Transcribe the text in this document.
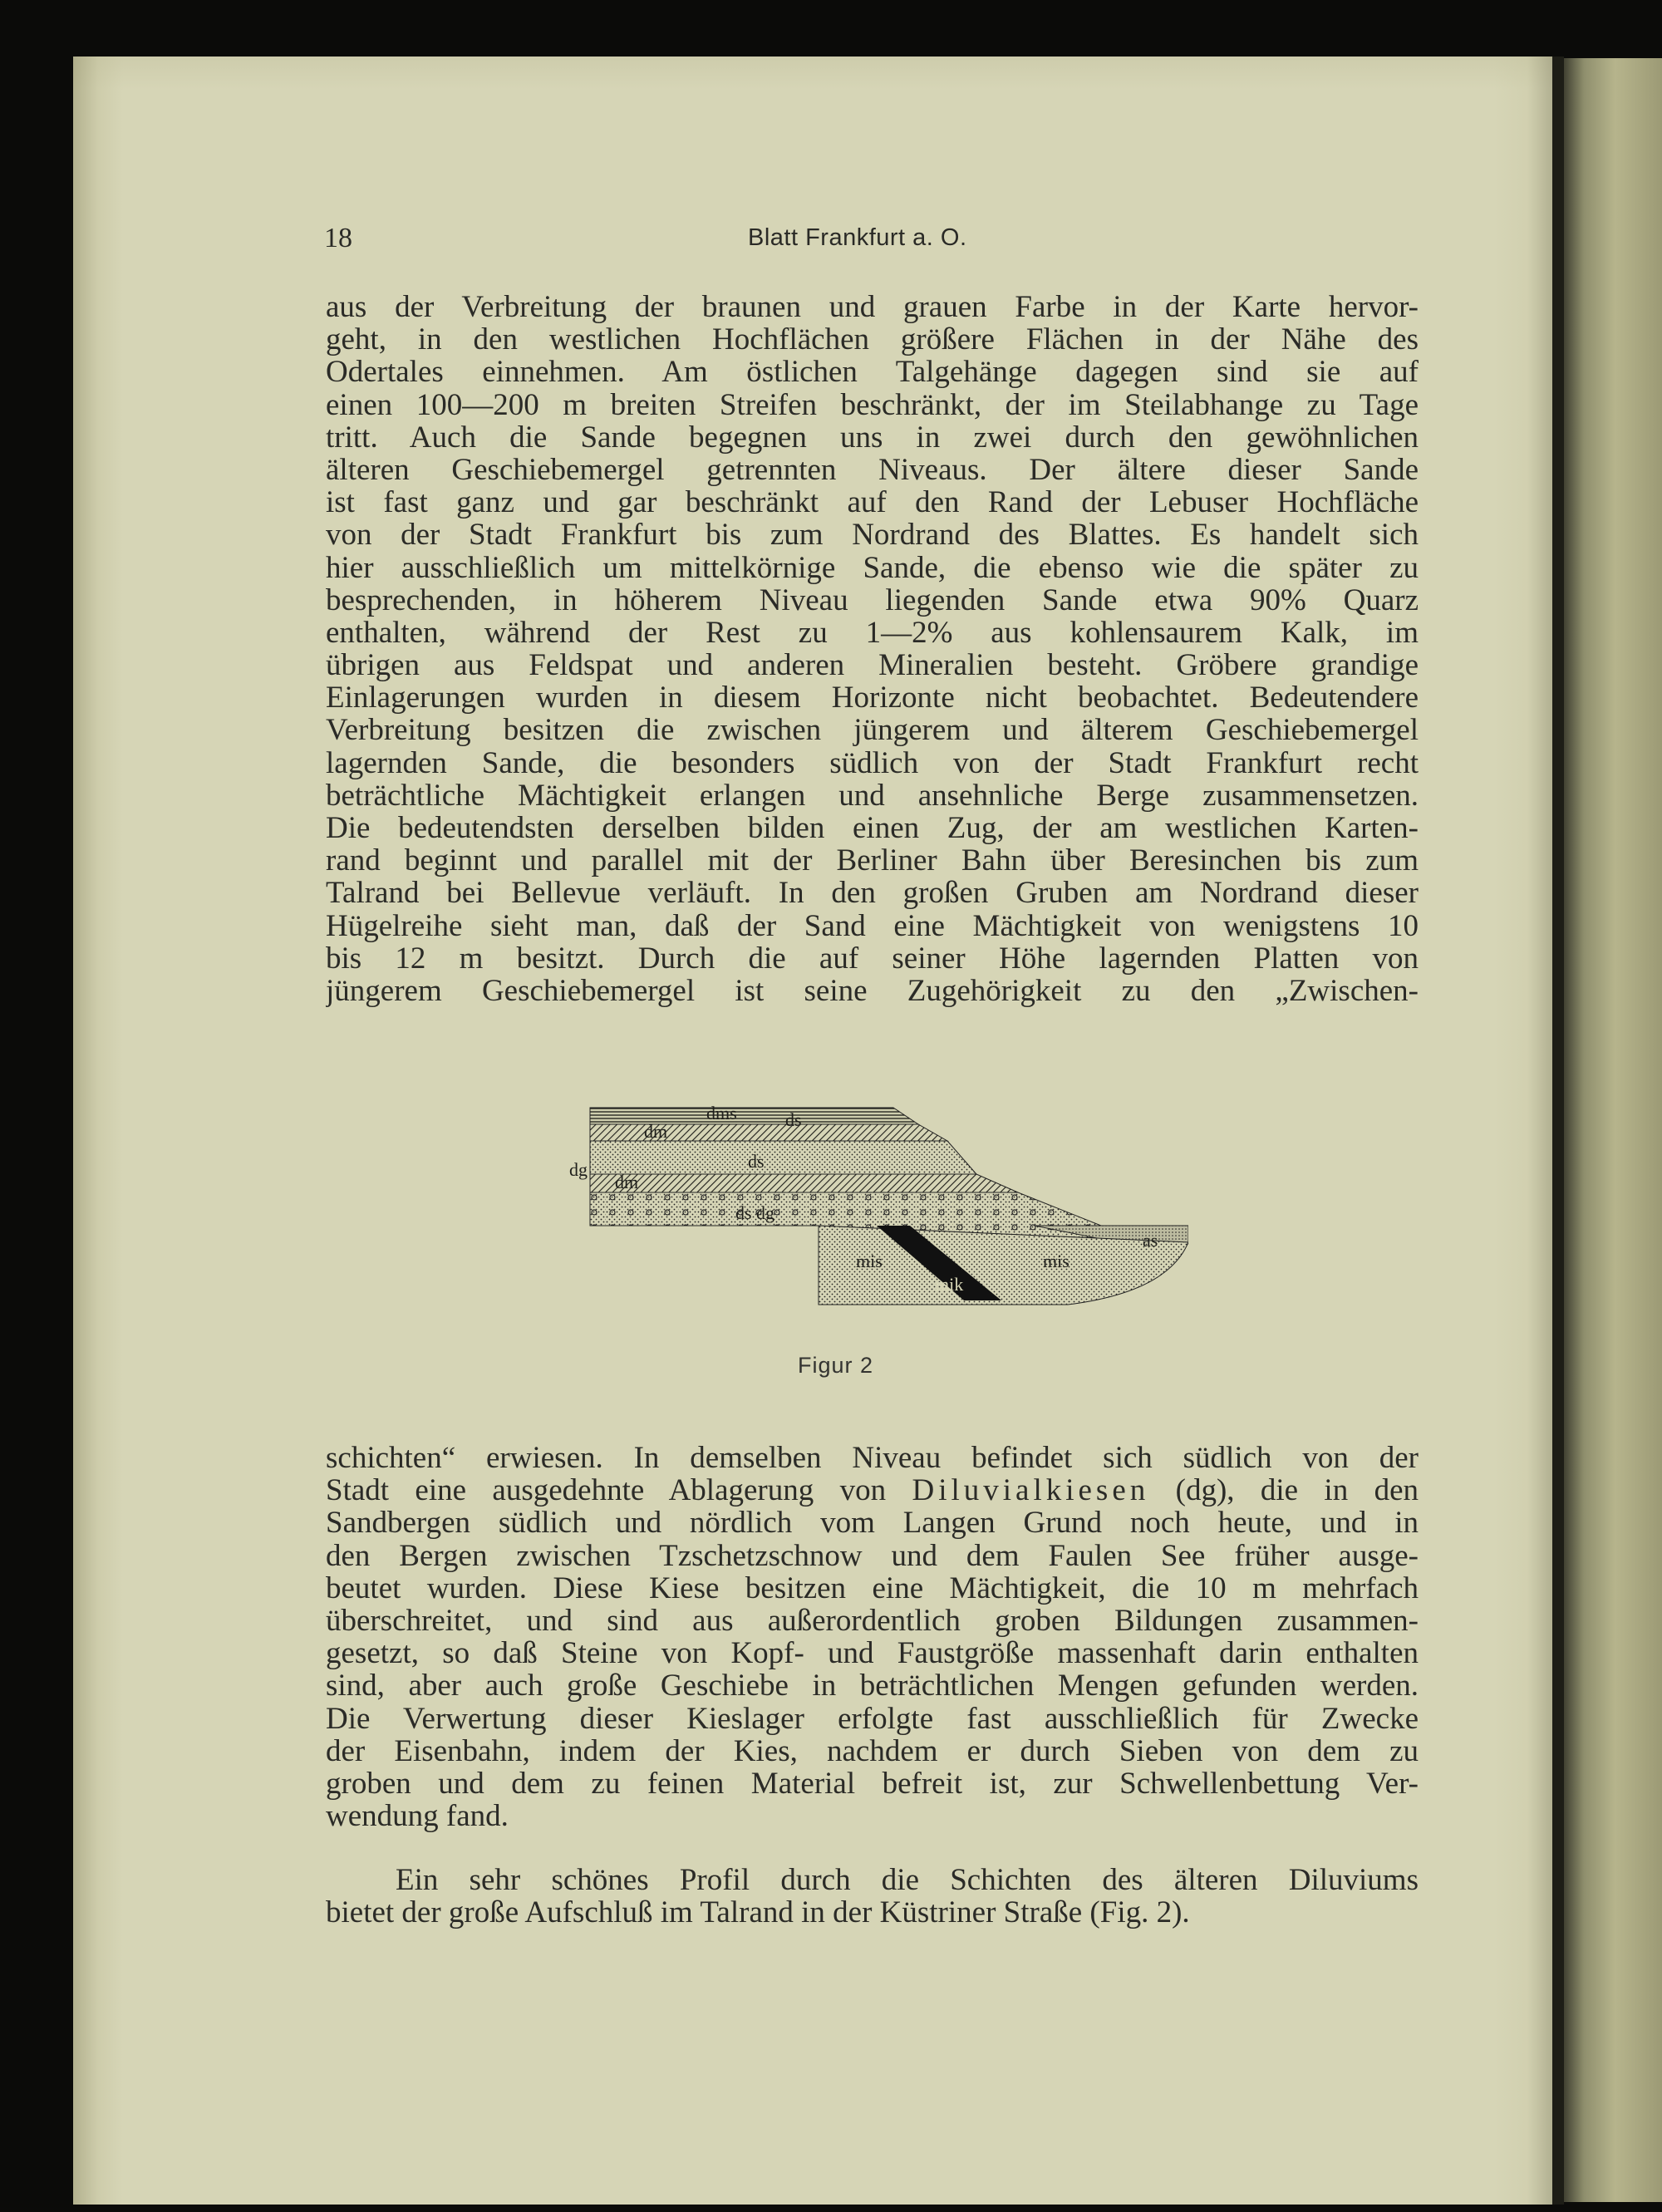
18	Blatt Frankfurt a. O.
aus der Verbreitung der braunen und grauen Farbe in der Karte hervor-
geht, in den westlichen Hochflächen größere Flächen in der Nähe des
Odertales einnehmen. Am östlichen Talgehänge dagegen sind sie auf
einen 100—200 m breiten Streifen beschränkt, der im Steilabhange zu Tage
tritt. Auch die Sande begegnen uns in zwei durch den gewöhnlichen
älteren Geschiebemergel getrennten Niveaus. Der ältere dieser Sande
ist fast ganz und gar beschränkt auf den Rand der Lebuser Hochfläche
von der Stadt Frankfurt bis zum Nordrand des Blattes. Es handelt sich
hier ausschließlich um mittelkörnige Sande, die ebenso wie die später zu
besprechenden, in höherem Niveau liegenden Sande etwa 90% Quarz
enthalten, während der Rest zu 1—2% aus kohlensaurem Kalk, im
übrigen aus Feldspat und anderen Mineralien besteht. Gröbere grandige
Einlagerungen wurden in diesem Horizonte nicht beobachtet. Bedeutendere
Verbreitung besitzen die zwischen jüngerem und älterem Geschiebemergel
lagernden Sande, die besonders südlich von der Stadt Frankfurt recht
beträchtliche Mächtigkeit erlangen und ansehnliche Berge zusammensetzen.
Die bedeutendsten derselben bilden einen Zug, der am westlichen Karten-
rand beginnt und parallel mit der Berliner Bahn über Beresinchen bis zum
Talrand bei Bellevue verläuft. In den großen Gruben am Nordrand dieser
Hügelreihe sieht man, daß der Sand eine Mächtigkeit von wenigstens 10
bis 12 m besitzt. Durch die auf seiner Höhe lagernden Platten von
jüngerem Geschiebemergel ist seine Zugehörigkeit zu den „Zwischen-
dms	ds
dm
dg	ds
dm
ds dg
as
mis
mik
mis
Figur 2
schichten“ erwiesen. In demselben Niveau befindet sich südlich von der
Stadt eine ausgedehnte Ablagerung von Diluvialkiesen (dg), die in den
Sandbergen südlich und nördlich vom Langen Grund noch heute, und in
den Bergen zwischen Tzschetzschnow und dem Faulen See früher ausge-
beutet wurden. Diese Kiese besitzen eine Mächtigkeit, die 10 m mehrfach
überschreitet, und sind aus außerordentlich groben Bildungen zusammen-
gesetzt, so daß Steine von Kopf- und Faustgröße massenhaft darin enthalten
sind, aber auch große Geschiebe in beträchtlichen Mengen gefunden werden.
Die Verwertung dieser Kieslager erfolgte fast ausschließlich für Zwecke
der Eisenbahn, indem der Kies, nachdem er durch Sieben von dem zu
groben und dem zu feinen Material befreit ist, zur Schwellenbettung Ver-
wendung fand.
Ein sehr schönes Profil durch die Schichten des älteren Diluviums
bietet der große Aufschluß im Talrand in der Küstriner Straße (Fig. 2).
